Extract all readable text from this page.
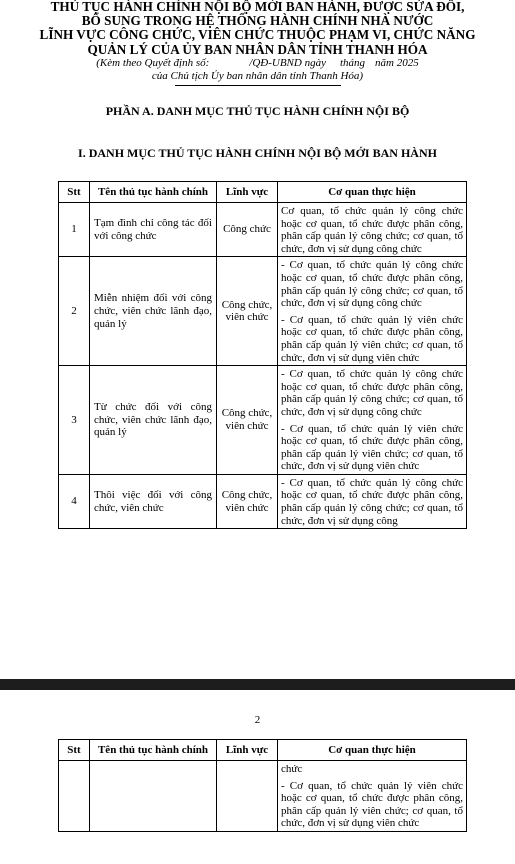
THỦ TỤC HÀNH CHÍNH NỘI BỘ MỚI BAN HÀNH, ĐƯỢC SỬA ĐỔI,
BỔ SUNG TRONG HỆ THỐNG HÀNH CHÍNH NHÀ NƯỚC
LĨNH VỰC CÔNG CHỨC, VIÊN CHỨC THUỘC PHẠM VI, CHỨC NĂNG
QUẢN LÝ CỦA ỦY BAN NHÂN DÂN TỈNH THANH HÓA
(Kèm theo Quyết định số:	/QĐ-UBND ngày tháng năm 2025
của Chủ tịch Ủy ban nhân dân tỉnh Thanh Hóa)
PHẦN A. DANH MỤC THỦ TỤC HÀNH CHÍNH NỘI BỘ
I. DANH MỤC THỦ TỤC HÀNH CHÍNH NỘI BỘ MỚI BAN HÀNH
Stt	Tên thủ tục hành chính	Lĩnh vực	Cơ quan thực hiện
1	Tạm đình chỉ công tác đối với công chức	Công chức	Cơ quan, tổ chức quản lý công chức hoặc cơ quan, tổ chức được phân công, phân cấp quản lý công chức; cơ quan, tổ chức, đơn vị sử dụng công chức

2	Miễn nhiệm đối với công chức, viên chức lãnh đạo, quản lý	Công chức, viên chức	- Cơ quan, tổ chức quản lý công chức hoặc cơ quan, tổ chức được phân công, phân cấp quản lý công chức; cơ quan, tổ chức, đơn vị sử dụng công chức
- Cơ quan, tổ chức quản lý viên chức hoặc cơ quan, tổ chức được phân công, phân cấp quản lý viên chức; cơ quan, tổ chức, đơn vị sử dụng viên chức

3	Từ chức đối với công chức, viên chức lãnh đạo, quản lý	Công chức, viên chức	- Cơ quan, tổ chức quản lý công chức hoặc cơ quan, tổ chức được phân công, phân cấp quản lý công chức; cơ quan, tổ chức, đơn vị sử dụng công chức
- Cơ quan, tổ chức quản lý viên chức hoặc cơ quan, tổ chức được phân công, phân cấp quản lý viên chức; cơ quan, tổ chức, đơn vị sử dụng viên chức

4	Thôi việc đối với công chức, viên chức	Công chức, viên chức	- Cơ quan, tổ chức quản lý công chức hoặc cơ quan, tổ chức được phân công, phân cấp quản lý công chức; cơ quan, tổ chức, đơn vị sử dụng công
2
Stt	Tên thủ tục hành chính	Lĩnh vực	Cơ quan thực hiện

			chức
- Cơ quan, tổ chức quản lý viên chức hoặc cơ quan, tổ chức được phân công, phân cấp quản lý viên chức; cơ quan, tổ chức, đơn vị sử dụng viên chức
